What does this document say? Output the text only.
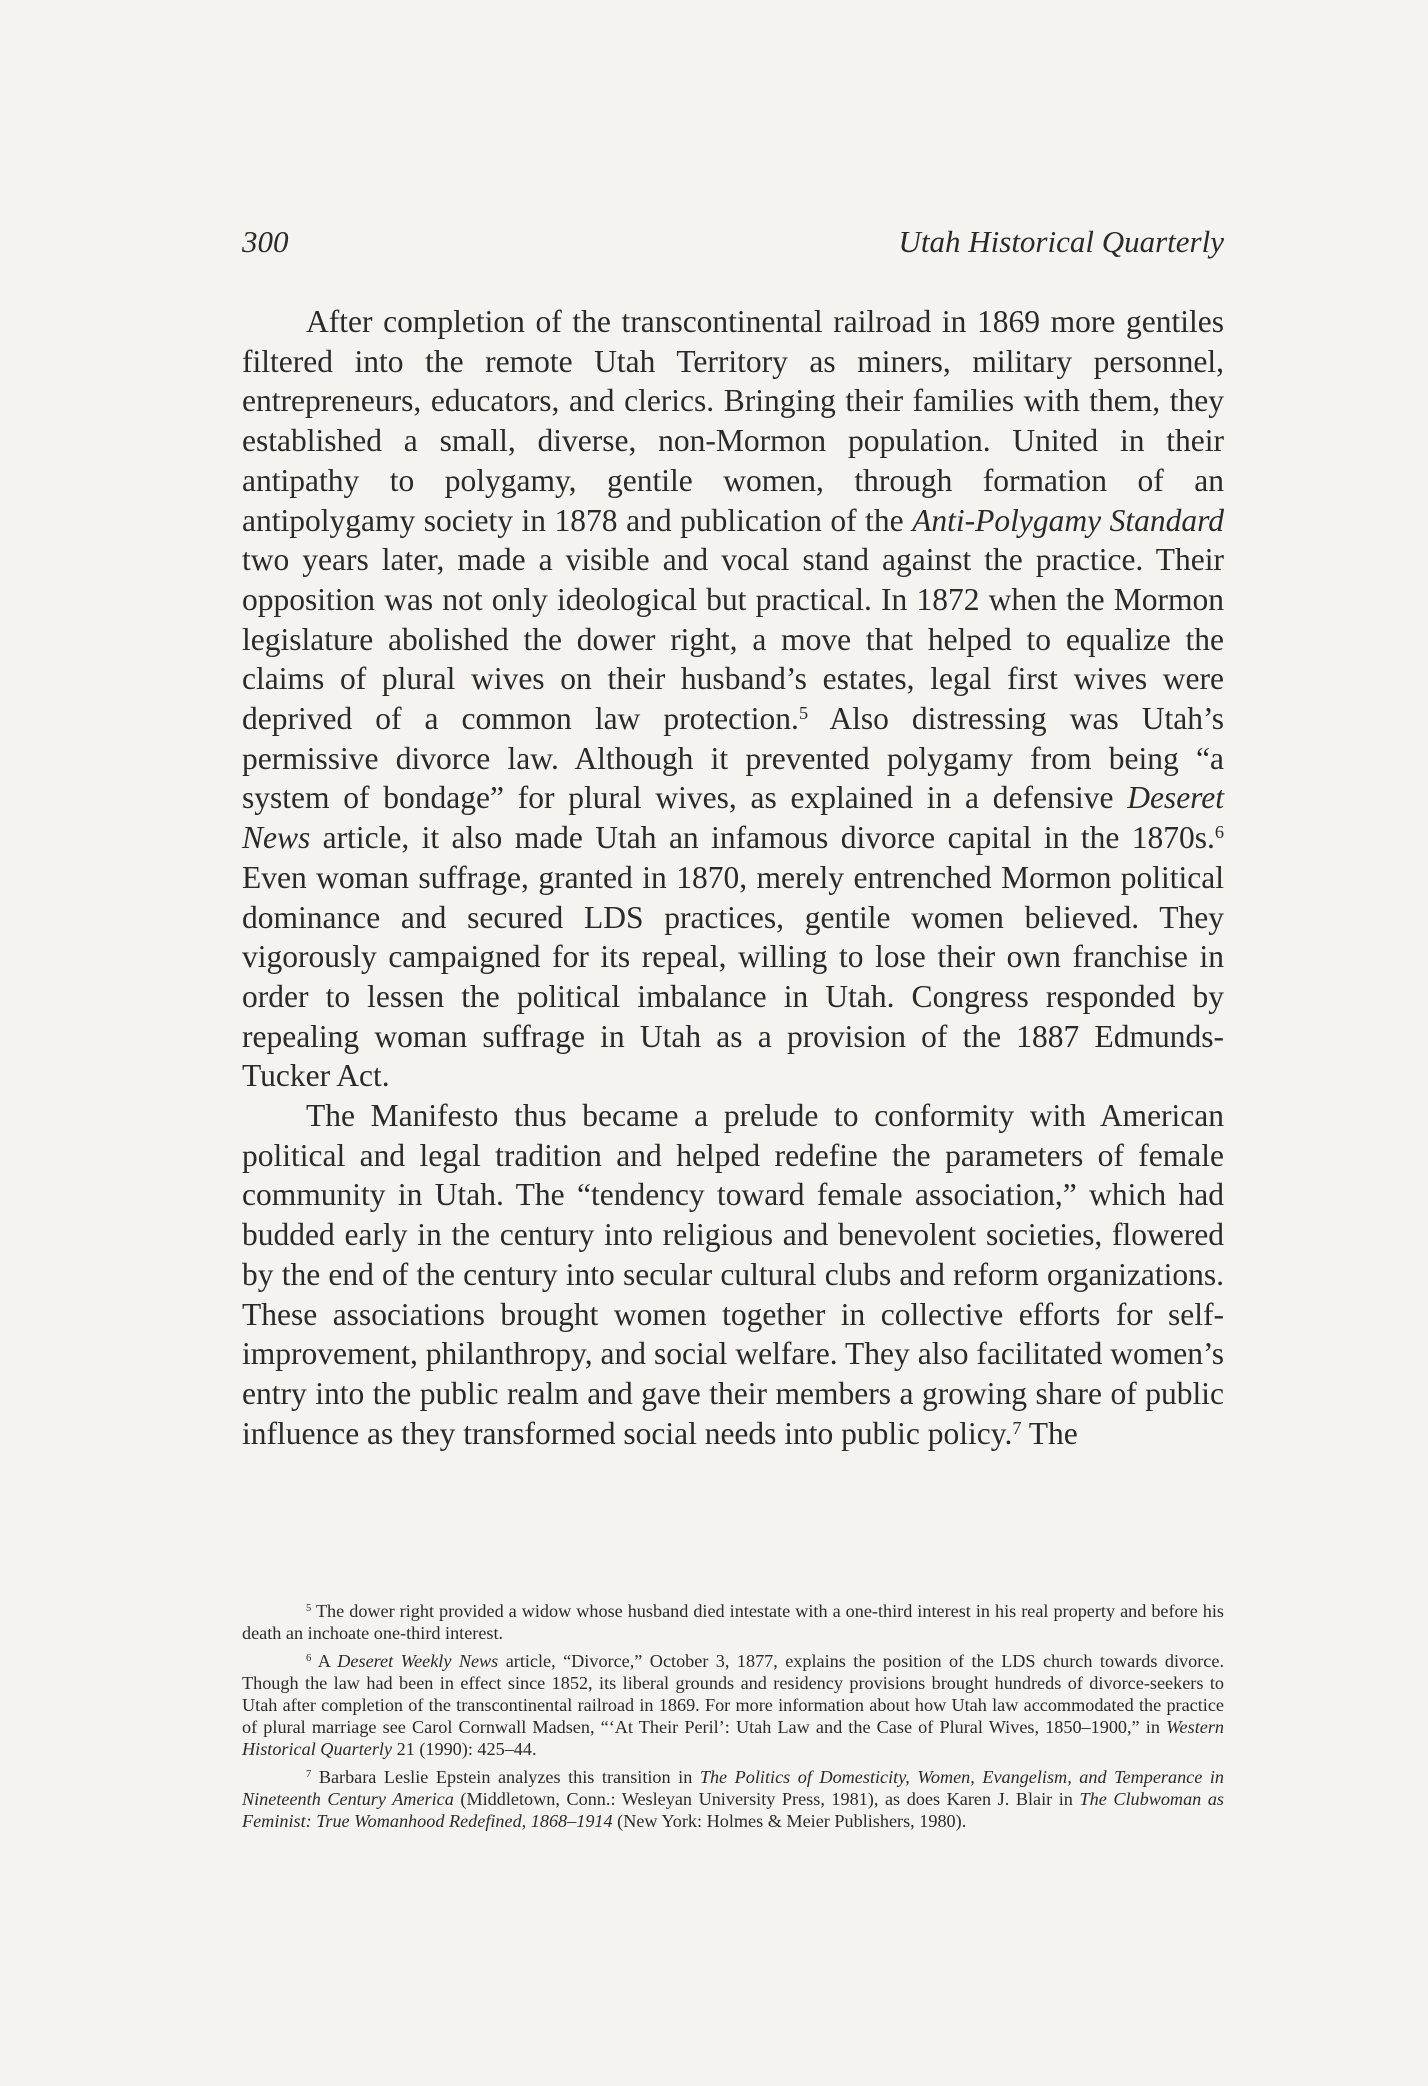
300	Utah Historical Quarterly

After completion of the transcontinental railroad in 1869 more gentiles filtered into the remote Utah Territory as miners, military personnel, entrepreneurs, educators, and clerics. Bringing their families with them, they established a small, diverse, non-Mormon population. United in their antipathy to polygamy, gentile women, through formation of an antipolygamy society in 1878 and publication of the Anti-Polygamy Standard two years later, made a visible and vocal stand against the practice. Their opposition was not only ideological but practical. In 1872 when the Mormon legislature abolished the dower right, a move that helped to equalize the claims of plural wives on their husband’s estates, legal first wives were deprived of a common law protection.$^5$ Also distressing was Utah’s permissive divorce law. Although it prevented polygamy from being “a system of bondage” for plural wives, as explained in a defensive Deseret News article, it also made Utah an infamous divorce capital in the 1870s.$^6$ Even woman suffrage, granted in 1870, merely entrenched Mormon political dominance and secured LDS practices, gentile women believed. They vigorously campaigned for its repeal, willing to lose their own franchise in order to lessen the political imbalance in Utah. Congress responded by repealing woman suffrage in Utah as a provision of the 1887 Edmunds-Tucker Act.

The Manifesto thus became a prelude to conformity with American political and legal tradition and helped redefine the parameters of female community in Utah. The “tendency toward female association,” which had budded early in the century into religious and benevolent societies, flowered by the end of the century into secular cultural clubs and reform organizations. These associations brought women together in collective efforts for self-improvement, philanthropy, and social welfare. They also facilitated women’s entry into the public realm and gave their members a growing share of public influence as they transformed social needs into public policy.$^7$ The

$^5$ The dower right provided a widow whose husband died intestate with a one-third interest in his real property and before his death an inchoate one-third interest.

$^6$ A Deseret Weekly News article, “Divorce,” October 3, 1877, explains the position of the LDS church towards divorce. Though the law had been in effect since 1852, its liberal grounds and residency provisions brought hundreds of divorce-seekers to Utah after completion of the transcontinental railroad in 1869. For more information about how Utah law accommodated the practice of plural marriage see Carol Cornwall Madsen, “‘At Their Peril’: Utah Law and the Case of Plural Wives, 1850–1900,” in Western Historical Quarterly 21 (1990): 425–44.

$^7$ Barbara Leslie Epstein analyzes this transition in The Politics of Domesticity, Women, Evangelism, and Temperance in Nineteenth Century America (Middletown, Conn.: Wesleyan University Press, 1981), as does Karen J. Blair in The Clubwoman as Feminist: True Womanhood Redefined, 1868–1914 (New York: Holmes & Meier Publishers, 1980).
